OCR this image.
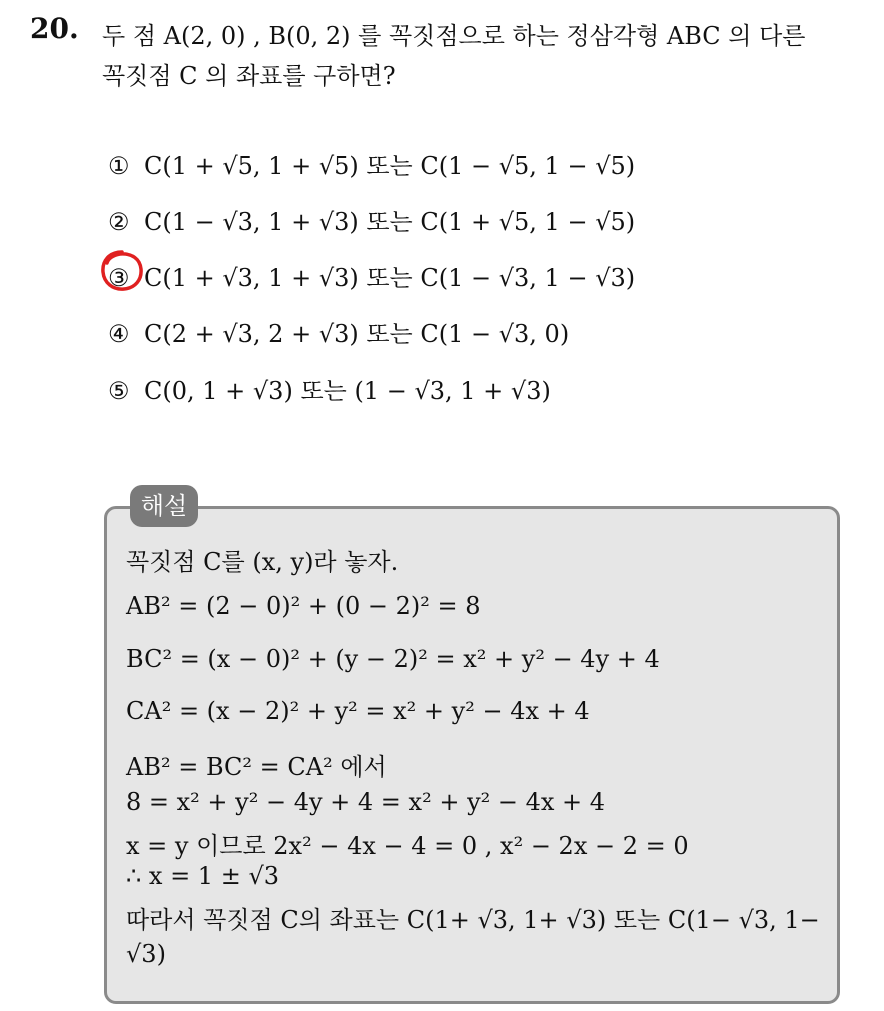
20. 두 점 A(2, 0) , B(0, 2) 를 꼭짓점으로 하는 정삼각형 ABC 의 다른
꼭짓점 C 의 좌표를 구하면?
① C(1 + √5, 1 + √5) 또는 C(1 − √5, 1 − √5)
② C(1 − √3, 1 + √3) 또는 C(1 + √5, 1 − √5)
③ C(1 + √3, 1 + √3) 또는 C(1 − √3, 1 − √3)
④ C(2 + √3, 2 + √3) 또는 C(1 − √3, 0)
⑤ C(0, 1 + √3) 또는 (1 − √3, 1 + √3)
해설
꼭짓점 C를 (x, y)라 놓자.
AB² = (2 − 0)² + (0 − 2)² = 8
BC² = (x − 0)² + (y − 2)² = x² + y² − 4y + 4
CA² = (x − 2)² + y² = x² + y² − 4x + 4
AB² = BC² = CA² 에서
8 = x² + y² − 4y + 4 = x² + y² − 4x + 4
x = y 이므로 2x² − 4x − 4 = 0 , x² − 2x − 2 = 0
∴ x = 1 ± √3
따라서 꼭짓점 C의 좌표는 C(1+ √3, 1+ √3) 또는 C(1− √3, 1−
√3)
